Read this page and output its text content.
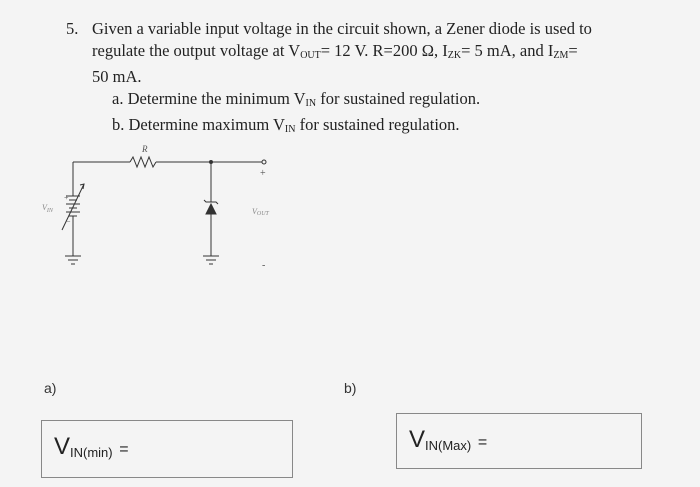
5. Given a variable input voltage in the circuit shown, a Zener diode is used to
regulate the output voltage at $V_{OUT}= 12$ V. R=200 Ω, $I_{ZK}= 5$ mA, and $I_{ZM}=$
50 mA.
a. Determine the minimum $V_{IN}$ for sustained regulation.
b. Determine maximum $V_{IN}$ for sustained regulation.
R
+
+
−
$V_{IN}$	VOUT
-
a)	b)
$V_{IN(min)}$ =	$V_{IN(Max)}$ =
